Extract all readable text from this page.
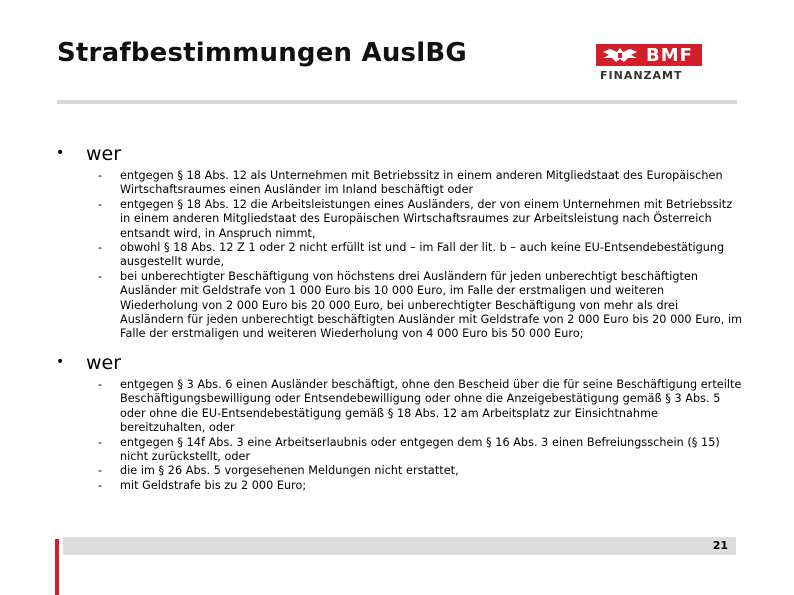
Strafbestimmungen AuslBG	BMF
FINANZAMT
• wer
- entgegen § 18 Abs. 12 als Unternehmen mit Betriebssitz in einem anderen Mitgliedstaat des Europäischen Wirtschaftsraumes einen Ausländer im Inland beschäftigt oder
- entgegen § 18 Abs. 12 die Arbeitsleistungen eines Ausländers, der von einem Unternehmen mit Betriebssitz in einem anderen Mitgliedstaat des Europäischen Wirtschaftsraumes zur Arbeitsleistung nach Österreich entsandt wird, in Anspruch nimmt,
- obwohl § 18 Abs. 12 Z 1 oder 2 nicht erfüllt ist und – im Fall der lit. b – auch keine EU-Entsendebestätigung ausgestellt wurde,
- bei unberechtigter Beschäftigung von höchstens drei Ausländern für jeden unberechtigt beschäftigten Ausländer mit Geldstrafe von 1 000 Euro bis 10 000 Euro, im Falle der erstmaligen und weiteren Wiederholung von 2 000 Euro bis 20 000 Euro, bei unberechtigter Beschäftigung von mehr als drei Ausländern für jeden unberechtigt beschäftigten Ausländer mit Geldstrafe von 2 000 Euro bis 20 000 Euro, im Falle der erstmaligen und weiteren Wiederholung von 4 000 Euro bis 50 000 Euro;
• wer
- entgegen § 3 Abs. 6 einen Ausländer beschäftigt, ohne den Bescheid über die für seine Beschäftigung erteilte Beschäftigungsbewilligung oder Entsendebewilligung oder ohne die Anzeigebestätigung gemäß § 3 Abs. 5 oder ohne die EU-Entsendebestätigung gemäß § 18 Abs. 12 am Arbeitsplatz zur Einsichtnahme bereitzuhalten, oder
- entgegen § 14f Abs. 3 eine Arbeitserlaubnis oder entgegen dem § 16 Abs. 3 einen Befreiungsschein (§ 15) nicht zurückstellt, oder
- die im § 26 Abs. 5 vorgesehenen Meldungen nicht erstattet,
- mit Geldstrafe bis zu 2 000 Euro;
21
